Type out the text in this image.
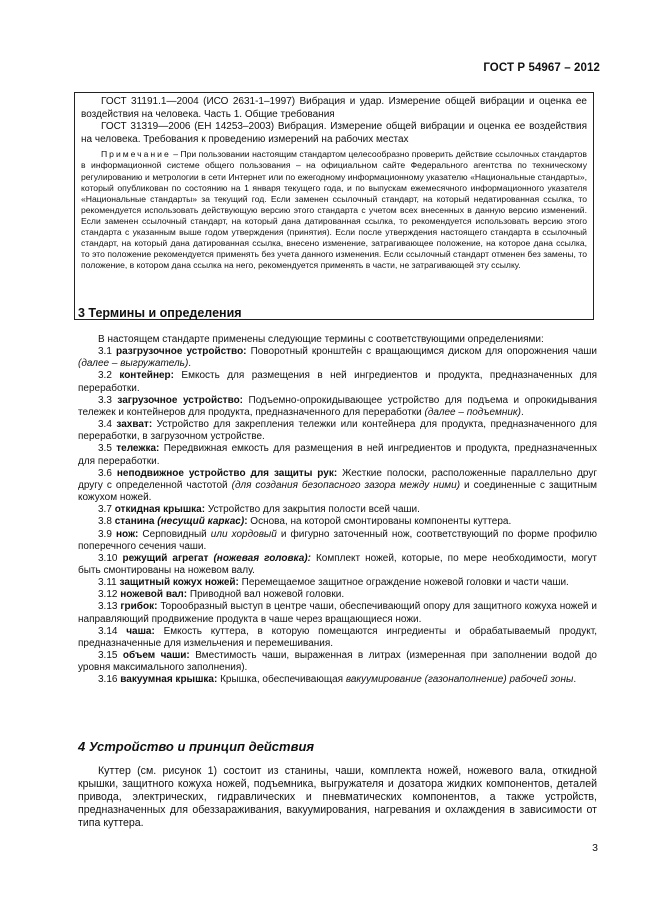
ГОСТ Р 54967 – 2012

ГОСТ 31191.1—2004 (ИСО 2631-1–1997) Вибрация и удар. Измерение общей вибрации и оценка ее воздействия на человека. Часть 1. Общие требования

ГОСТ 31319—2006 (ЕН 14253–2003) Вибрация. Измерение общей вибрации и оценка ее воздействия на человека. Требования к проведению измерений на рабочих местах

Примечание – При пользовании настоящим стандартом целесообразно проверить действие ссылочных стандартов в информационной системе общего пользования – на официальном сайте Федерального агентства по техническому регулированию и метрологии в сети Интернет или по ежегодному информационному указателю «Национальные стандарты», который опубликован по состоянию на 1 января текущего года, и по выпускам ежемесячного информационного указателя «Национальные стандарты» за текущий год. Если заменен ссылочный стандарт, на который недатированная ссылка, то рекомендуется использовать действующую версию этого стандарта с учетом всех внесенных в данную версию изменений. Если заменен ссылочный стандарт, на который дана датированная ссылка, то рекомендуется использовать версию этого стандарта с указанным выше годом утверждения (принятия). Если после утверждения настоящего стандарта в ссылочный стандарт, на который дана датированная ссылка, внесено изменение, затрагивающее положение, на которое дана ссылка, то это положение рекомендуется применять без учета данного изменения. Если ссылочный стандарт отменен без замены, то положение, в котором дана ссылка на него, рекомендуется применять в части, не затрагивающей эту ссылку.

3 Термины и определения

В настоящем стандарте применены следующие термины с соответствующими определениями:

3.1 разгрузочное устройство: Поворотный кронштейн с вращающимся диском для опорожнения чаши (далее – выгружатель).

3.2 контейнер: Емкость для размещения в ней ингредиентов и продукта, предназначенных для переработки.

3.3 загрузочное устройство: Подъемно-опрокидывающее устройство для подъема и опрокидывания тележек и контейнеров для продукта, предназначенного для переработки (далее – подъемник).

3.4 захват: Устройство для закрепления тележки или контейнера для продукта, предназначенного для переработки, в загрузочном устройстве.

3.5 тележка: Передвижная емкость для размещения в ней ингредиентов и продукта, предназначенных для переработки.

3.6 неподвижное устройство для защиты рук: Жесткие полоски, расположенные параллельно друг другу с определенной частотой (для создания безопасного зазора между ними) и соединенные с защитным кожухом ножей.

3.7 откидная крышка: Устройство для закрытия полости всей чаши.

3.8 станина (несущий каркас): Основа, на которой смонтированы компоненты куттера.

3.9 нож: Серповидный или хордовый и фигурно заточенный нож, соответствующий по форме профилю поперечного сечения чаши.

3.10 режущий агрегат (ножевая головка): Комплект ножей, которые, по мере необходимости, могут быть смонтированы на ножевом валу.

3.11 защитный кожух ножей: Перемещаемое защитное ограждение ножевой головки и части чаши.

3.12 ножевой вал: Приводной вал ножевой головки.

3.13 грибок: Торообразный выступ в центре чаши, обеспечивающий опору для защитного кожуха ножей и направляющий продвижение продукта в чаше через вращающиеся ножи.

3.14 чаша: Емкость куттера, в которую помещаются ингредиенты и обрабатываемый продукт, предназначенные для измельчения и перемешивания.

3.15 объем чаши: Вместимость чаши, выраженная в литрах (измеренная при заполнении водой до уровня максимального заполнения).

3.16 вакуумная крышка: Крышка, обеспечивающая вакуумирование (газонаполнение) рабочей зоны.

4 Устройство и принцип действия

Куттер (см. рисунок 1) состоит из станины, чаши, комплекта ножей, ножевого вала, откидной крышки, защитного кожуха ножей, подъемника, выгружателя и дозатора жидких компонентов, деталей привода, электрических, гидравлических и пневматических компонентов, а также устройств, предназначенных для обеззараживания, вакуумирования, нагревания и охлаждения в зависимости от типа куттера.

3
